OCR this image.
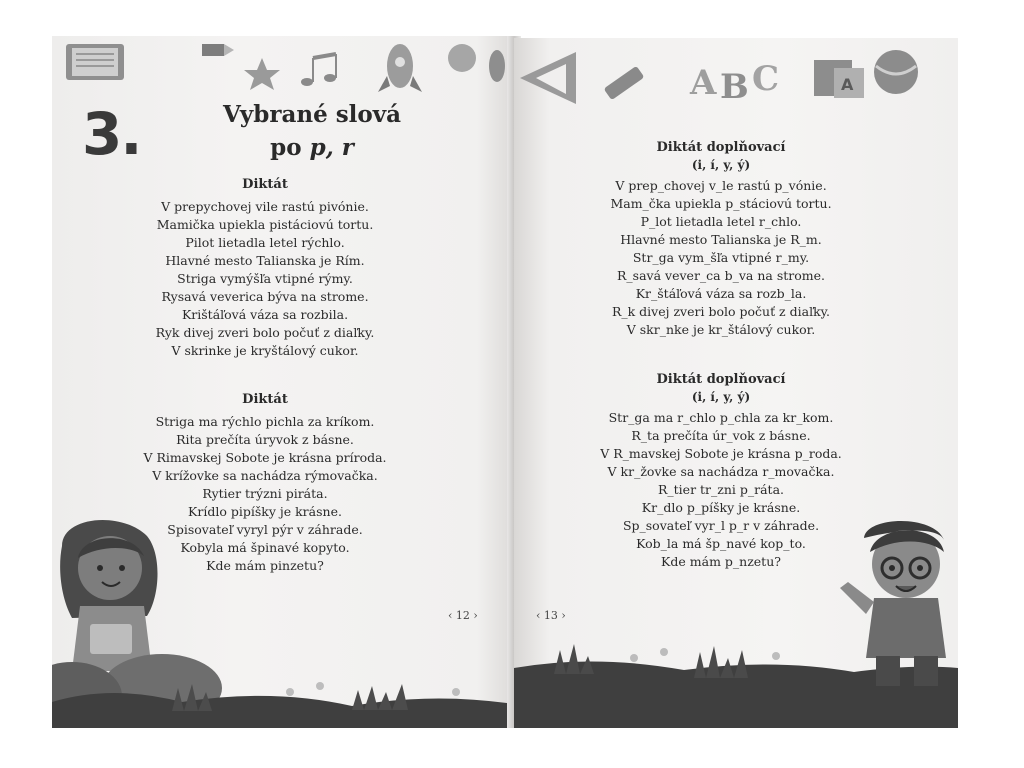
3.	Vybrané slová
po p, r
Diktát
V prepychovej vile rastú pivónie.
Mamička upiekla pistáciovú tortu.
Pilot lietadla letel rýchlo.
Hlavné mesto Talianska je Rím.
Striga vymýšľa vtipné rýmy.
Rysavá veverica býva na strome.
Krištáľová váza sa rozbila.
Ryk divej zveri bolo počuť z diaľky.
V skrinke je kryštálový cukor.
Diktát
Striga ma rýchlo pichla za kríkom.
Rita prečíta úryvok z básne.
V Rimavskej Sobote je krásna príroda.
V krížovke sa nachádza rýmovačka.
Rytier trýzni piráta.
Krídlo pipíšky je krásne.
Spisovateľ vyryl pýr v záhrade.
Kobyla má špinavé kopyto.
Kde mám pinzetu?
‹ 12 ›
A B C	A
Diktát doplňovací
(i, í, y, ý)
V prep_chovej v_le rastú p_vónie.
Mam_čka upiekla p_stáciovú tortu.
P_lot lietadla letel r_chlo.
Hlavné mesto Talianska je R_m.
Str_ga vym_šľa vtipné r_my.
R_savá vever_ca b_va na strome.
Kr_štáľová váza sa rozb_la.
R_k divej zveri bolo počuť z diaľky.
V skr_nke je kr_štálový cukor.
Diktát doplňovací
(i, í, y, ý)
Str_ga ma r_chlo p_chla za kr_kom.
R_ta prečíta úr_vok z básne.
V R_mavskej Sobote je krásna p_roda.
V kr_žovke sa nachádza r_movačka.
R_tier tr_zni p_ráta.
Kr_dlo p_píšky je krásne.
Sp_sovateľ vyr_l p_r v záhrade.
Kob_la má šp_navé kop_to.
Kde mám p_nzetu?
‹ 13 ›
